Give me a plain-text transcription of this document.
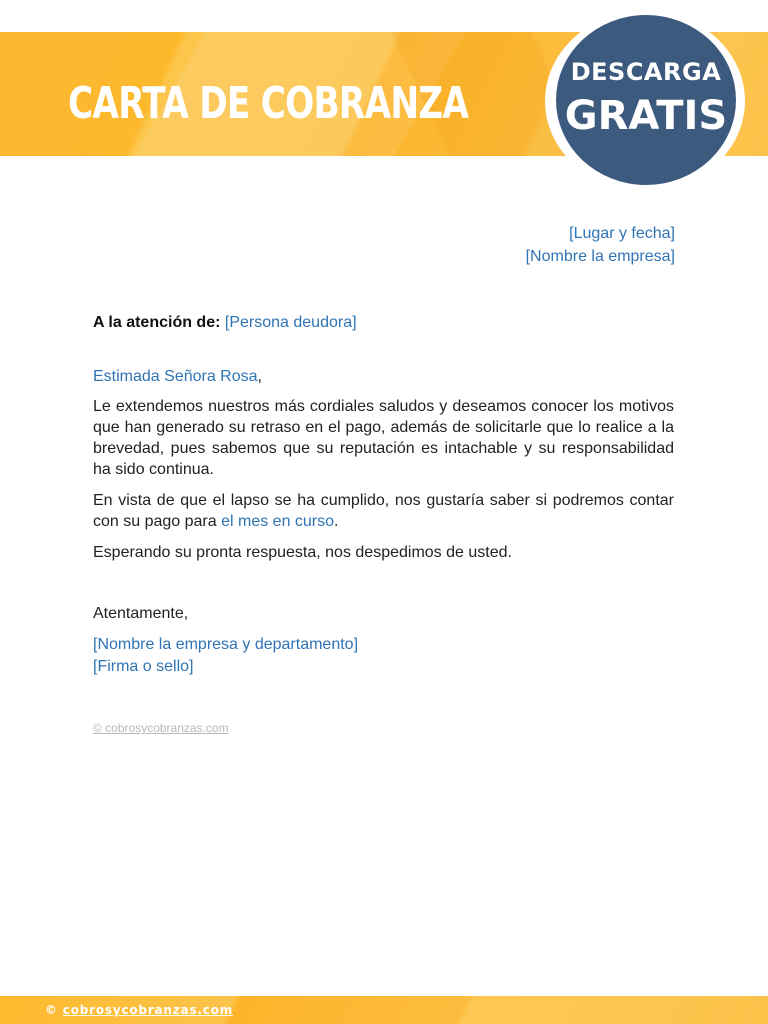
CARTA DE COBRANZA
DESCARGA
GRATIS
[Lugar y fecha]
[Nombre la empresa]
A la atención de: [Persona deudora]
Estimada Señora Rosa,

Le extendemos nuestros más cordiales saludos y deseamos conocer los motivos que han generado su retraso en el pago, además de solicitarle que lo realice a la brevedad, pues sabemos que su reputación es intachable y su responsabilidad ha sido continua.

En vista de que el lapso se ha cumplido, nos gustaría saber si podremos contar con su pago para el mes en curso.

Esperando su pronta respuesta, nos despedimos de usted.

Atentamente,
[Nombre la empresa y departamento]
[Firma o sello]
© cobrosycobranzas.com
© cobrosycobranzas.com
